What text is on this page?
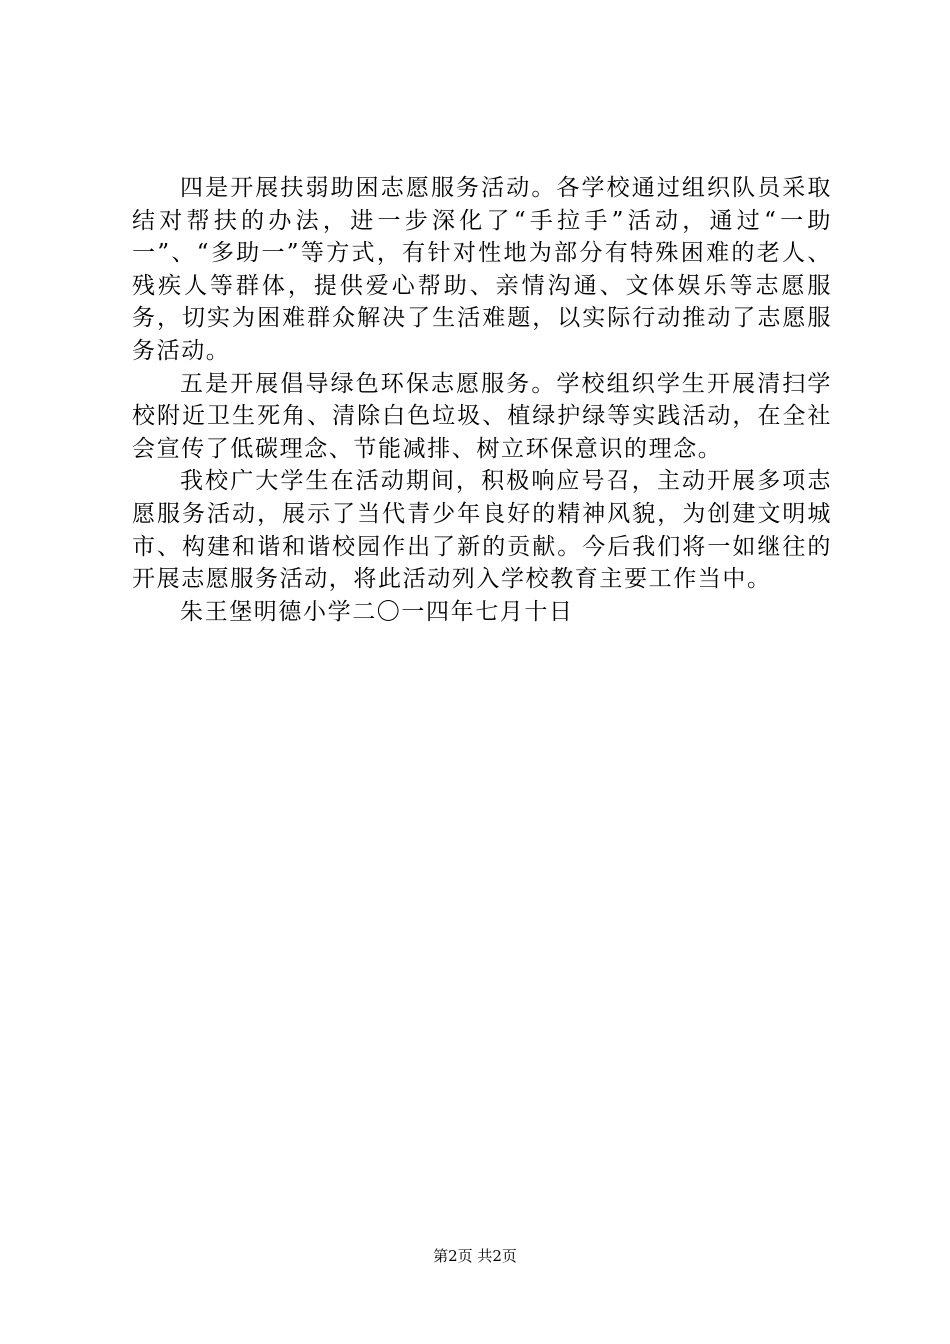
四是开展扶弱助困志愿服务活动。各学校通过组织队员采取结对帮扶的办法，进一步深化了“手拉手”活动，通过“一助一”、“多助一”等方式，有针对性地为部分有特殊困难的老人、残疾人等群体，提供爱心帮助、亲情沟通、文体娱乐等志愿服务，切实为困难群众解决了生活难题，以实际行动推动了志愿服务活动。

五是开展倡导绿色环保志愿服务。学校组织学生开展清扫学校附近卫生死角、清除白色垃圾、植绿护绿等实践活动，在全社会宣传了低碳理念、节能减排、树立环保意识的理念。

我校广大学生在活动期间，积极响应号召，主动开展多项志愿服务活动，展示了当代青少年良好的精神风貌，为创建文明城市、构建和谐和谐校园作出了新的贡献。今后我们将一如继往的开展志愿服务活动，将此活动列入学校教育主要工作当中。

朱王堡明德小学二〇一四年七月十日

第2页 共2页
